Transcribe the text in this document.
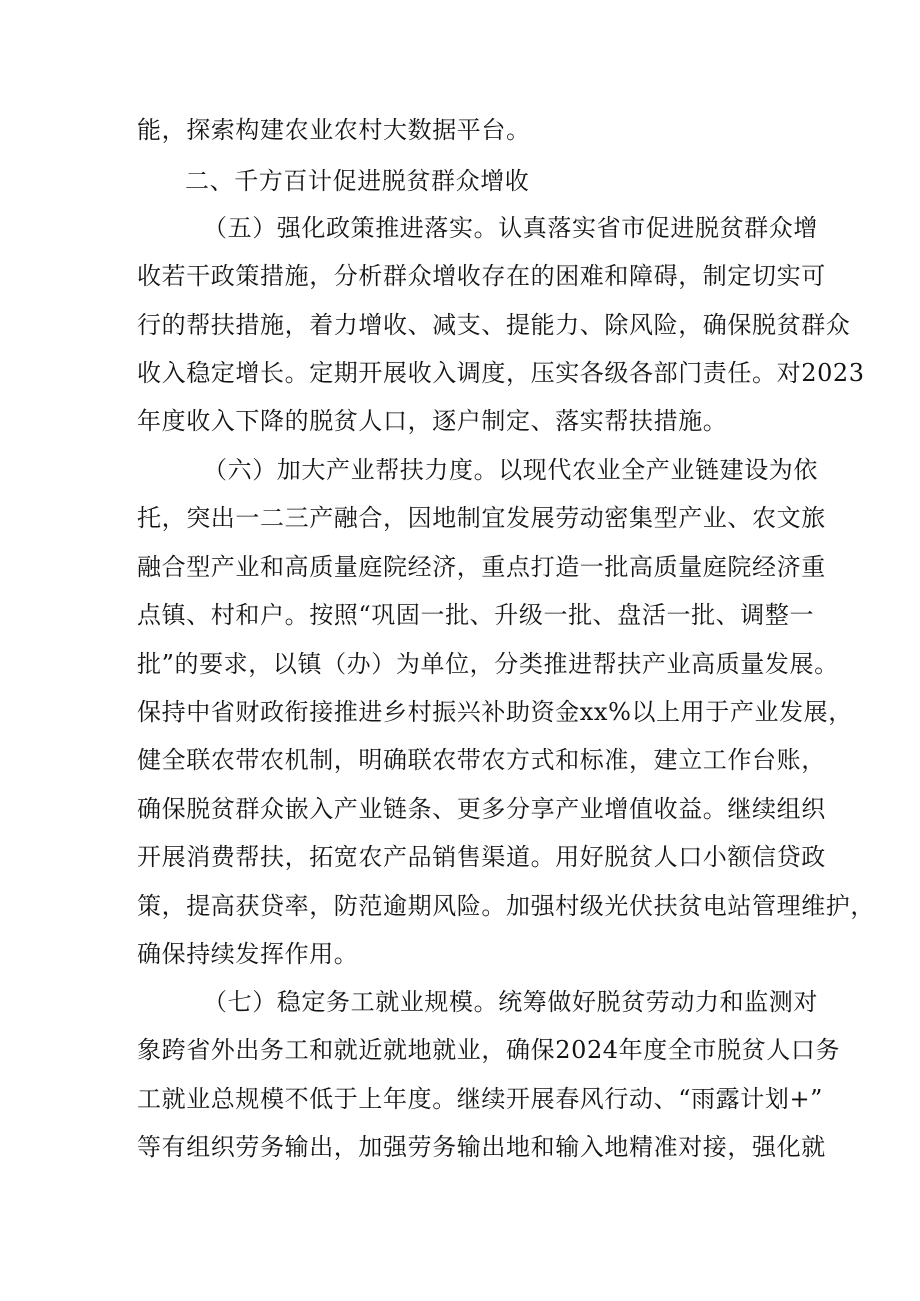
能，探索构建农业农村大数据平台。
二、千方百计促进脱贫群众增收
（五）强化政策推进落实。认真落实省市促进脱贫群众增
收若干政策措施，分析群众增收存在的困难和障碍，制定切实可
行的帮扶措施，着力增收、减支、提能力、除风险，确保脱贫群众
收入稳定增长。定期开展收入调度，压实各级各部门责任。对2023
年度收入下降的脱贫人口，逐户制定、落实帮扶措施。
（六）加大产业帮扶力度。以现代农业全产业链建设为依
托，突出一二三产融合，因地制宜发展劳动密集型产业、农文旅
融合型产业和高质量庭院经济，重点打造一批高质量庭院经济重
点镇、村和户。按照“巩固一批、升级一批、盘活一批、调整一
批”的要求，以镇（办）为单位，分类推进帮扶产业高质量发展。
保持中省财政衔接推进乡村振兴补助资金xx%以上用于产业发展，
健全联农带农机制，明确联农带农方式和标准，建立工作台账，
确保脱贫群众嵌入产业链条、更多分享产业增值收益。继续组织
开展消费帮扶，拓宽农产品销售渠道。用好脱贫人口小额信贷政
策，提高获贷率，防范逾期风险。加强村级光伏扶贫电站管理维护，
确保持续发挥作用。
（七）稳定务工就业规模。统筹做好脱贫劳动力和监测对
象跨省外出务工和就近就地就业，确保2024年度全市脱贫人口务
工就业总规模不低于上年度。继续开展春风行动、“雨露计划+”
等有组织劳务输出，加强劳务输出地和输入地精准对接，强化就
